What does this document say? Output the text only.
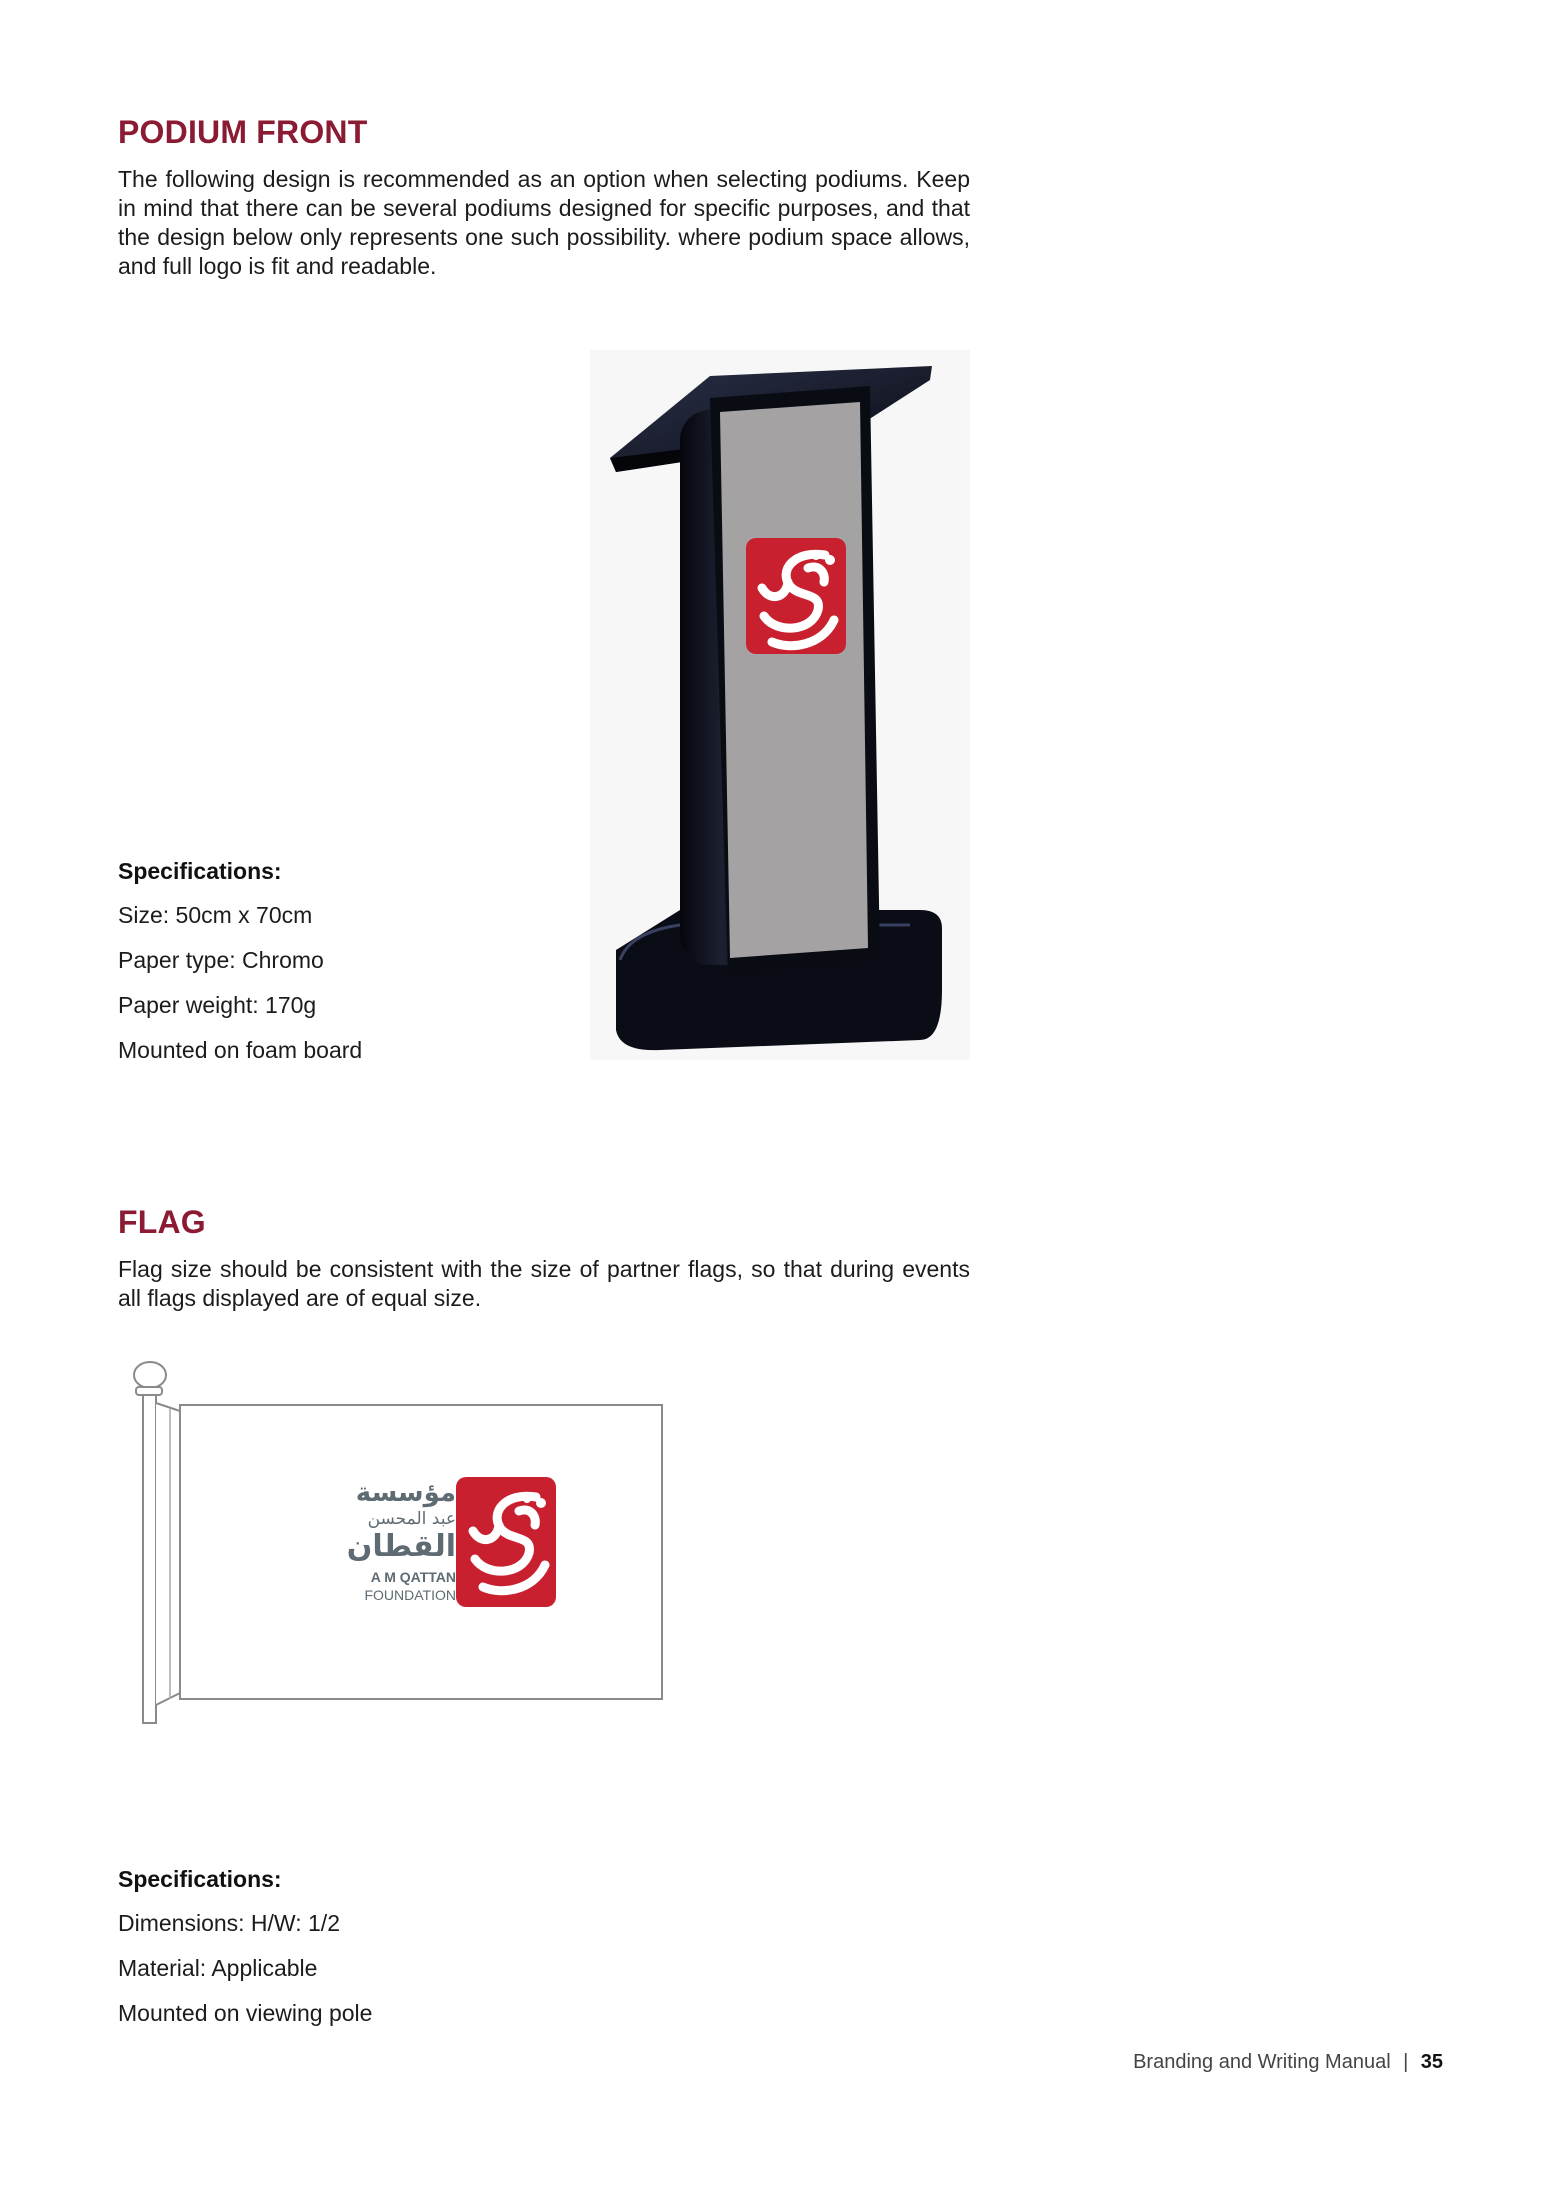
PODIUM FRONT
The following design is recommended as an option when selecting podiums. Keep in mind that there can be several podiums designed for specific purposes, and that the design below only represents one such possibility. where podium space allows, and full logo is fit and readable.
Specifications:
Size: 50cm x 70cm
Paper type: Chromo
Paper weight: 170g
Mounted on foam board
FLAG
Flag size should be consistent with the size of partner flags, so that during events all flags displayed are of equal size.
مؤسسة
عبد المحسن
القطان
A M QATTAN
FOUNDATION
Specifications:
Dimensions: H/W: 1/2
Material: Applicable
Mounted on viewing pole
Branding and Writing Manual | 35
